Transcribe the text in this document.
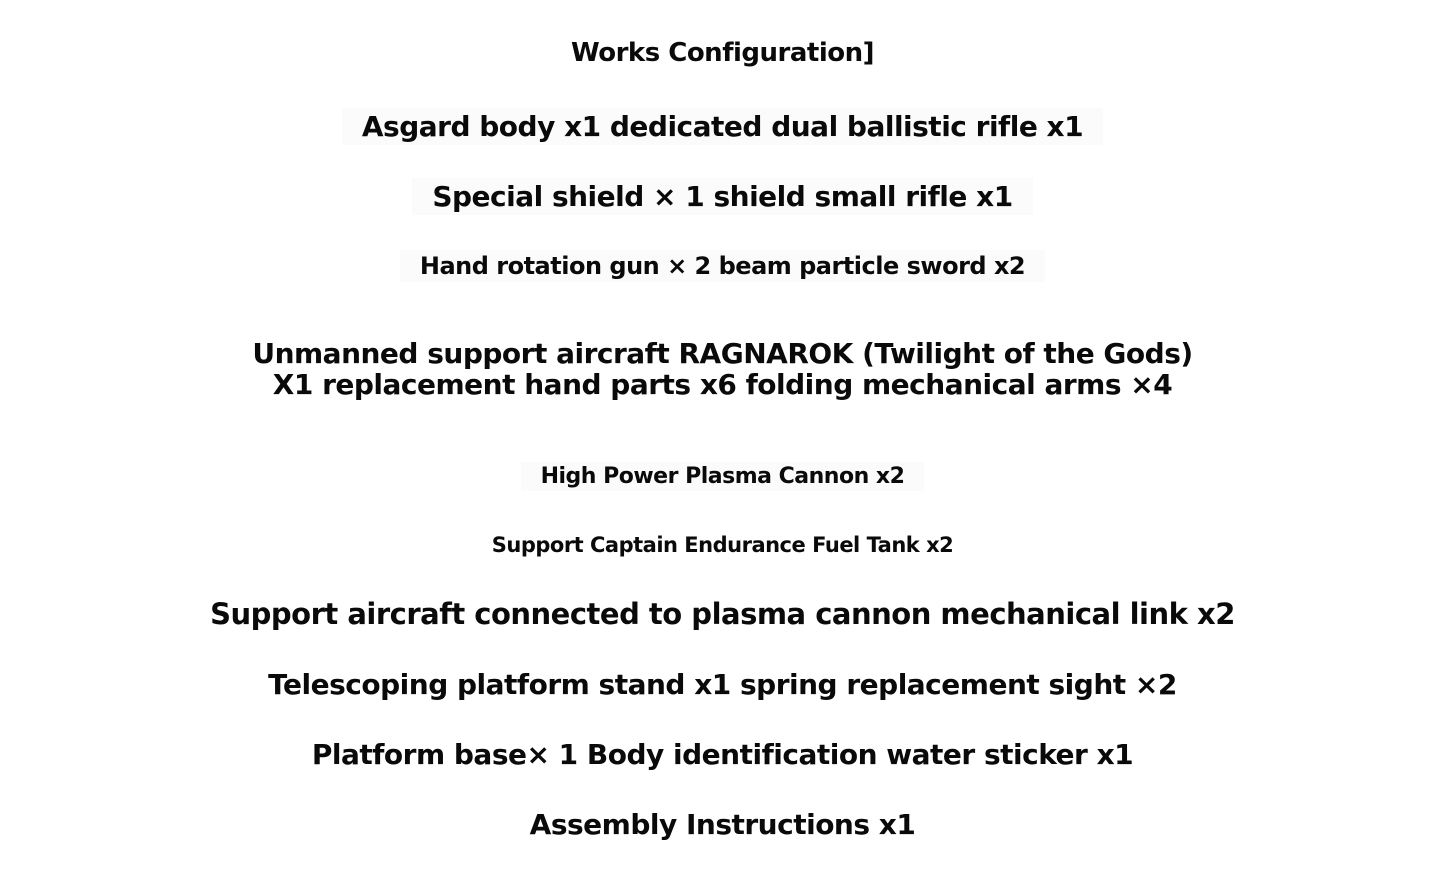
Works Configuration]
Asgard body x1 dedicated dual ballistic rifle x1
Special shield × 1 shield small rifle x1
Hand rotation gun × 2 beam particle sword x2
Unmanned support aircraft RAGNAROK (Twilight of the Gods)
X1 replacement hand parts x6 folding mechanical arms ×4
High Power Plasma Cannon x2
Support Captain Endurance Fuel Tank x2
Support aircraft connected to plasma cannon mechanical link x2
Telescoping platform stand x1 spring replacement sight ×2
Platform base× 1 Body identification water sticker x1
Assembly Instructions x1
